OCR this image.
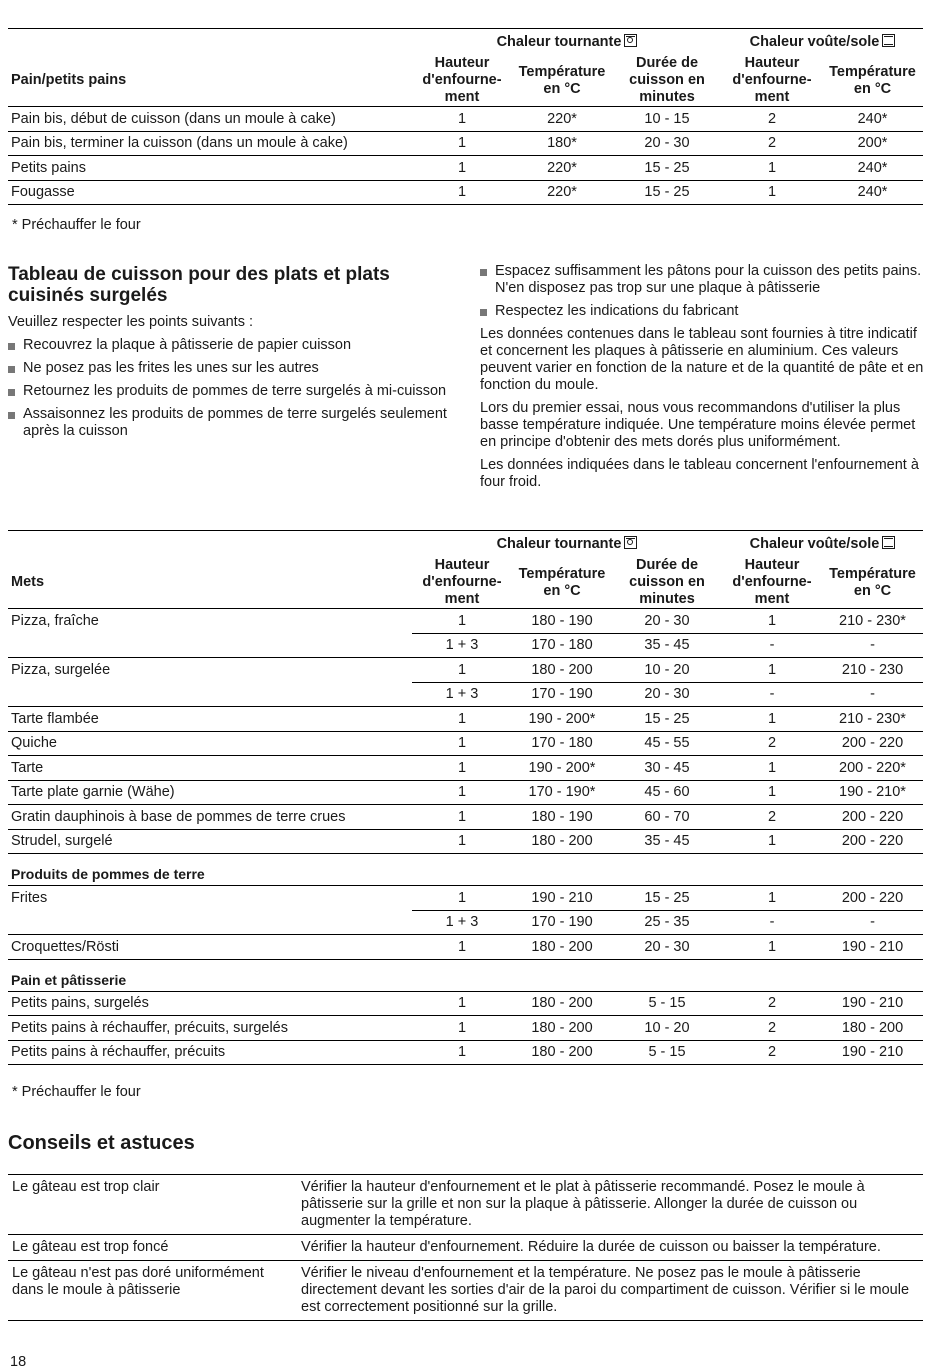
	Chaleur tournante			Chaleur voûte/sole	
Pain/petits pains	Hauteur d'enfourne-ment	Température en °C	Durée de cuisson en minutes	Hauteur d'enfourne-ment	Température en °C
Pain bis, début de cuisson (dans un moule à cake)	1	220*	10 - 15	2	240*
Pain bis, terminer la cuisson (dans un moule à cake)	1	180*	20 - 30	2	200*
Petits pains	1	220*	15 - 25	1	240*
Fougasse	1	220*	15 - 25	1	240*
* Préchauffer le four
Tableau de cuisson pour des plats et plats cuisinés surgelés

Veuillez respecter les points suivants :

Recouvrez la plaque à pâtisserie de papier cuisson
Ne posez pas les frites les unes sur les autres
Retournez les produits de pommes de terre surgelés à mi-cuisson
Assaisonnez les produits de pommes de terre surgelés seulement après la cuisson
Espacez suffisamment les pâtons pour la cuisson des petits pains. N'en disposez pas trop sur une plaque à pâtisserie
Respectez les indications du fabricant

Les données contenues dans le tableau sont fournies à titre indicatif et concernent les plaques à pâtisserie en aluminium. Ces valeurs peuvent varier en fonction de la nature et de la quantité de pâte et en fonction du moule.

Lors du premier essai, nous vous recommandons d'utiliser la plus basse température indiquée. Une température moins élevée permet en principe d'obtenir des mets dorés plus uniformément.

Les données indiquées dans le tableau concernent l'enfournement à four froid.

	Chaleur tournante			Chaleur voûte/sole	
Mets	Hauteur d'enfourne-ment	Température en °C	Durée de cuisson en minutes	Hauteur d'enfourne-ment	Température en °C
Pizza, fraîche	1	180 - 190	20 - 30	1	210 - 230*
	1 + 3	170 - 180	35 - 45	-	-
Pizza, surgelée	1	180 - 200	10 - 20	1	210 - 230
	1 + 3	170 - 190	20 - 30	-	-
Tarte flambée	1	190 - 200*	15 - 25	1	210 - 230*
Quiche	1	170 - 180	45 - 55	2	200 - 220
Tarte	1	190 - 200*	30 - 45	1	200 - 220*
Tarte plate garnie (Wähe)	1	170 - 190*	45 - 60	1	190 - 210*
Gratin dauphinois à base de pommes de terre crues	1	180 - 190	60 - 70	2	200 - 220
Strudel, surgelé	1	180 - 200	35 - 45	1	200 - 220
Produits de pommes de terre					
Frites	1	190 - 210	15 - 25	1	200 - 220
	1 + 3	170 - 190	25 - 35	-	-
Croquettes/Rösti	1	180 - 200	20 - 30	1	190 - 210
Pain et pâtisserie					
Petits pains, surgelés	1	180 - 200	5 - 15	2	190 - 210
Petits pains à réchauffer, précuits, surgelés	1	180 - 200	10 - 20	2	180 - 200
Petits pains à réchauffer, précuits	1	180 - 200	5 - 15	2	190 - 210
* Préchauffer le four
Conseils et astuces
Le gâteau est trop clair	Vérifier la hauteur d'enfournement et le plat à pâtisserie recommandé. Posez le moule à pâtisserie sur la grille et non sur la plaque à pâtisserie. Allonger la durée de cuisson ou augmenter la température.
Le gâteau est trop foncé	Vérifier la hauteur d'enfournement. Réduire la durée de cuisson ou baisser la température.
Le gâteau n'est pas doré uniformément dans le moule à pâtisserie	Vérifier le niveau d'enfournement et la température. Ne posez pas le moule à pâtisserie directement devant les sorties d'air de la paroi du compartiment de cuisson. Vérifier si le moule est correctement positionné sur la grille.
18
